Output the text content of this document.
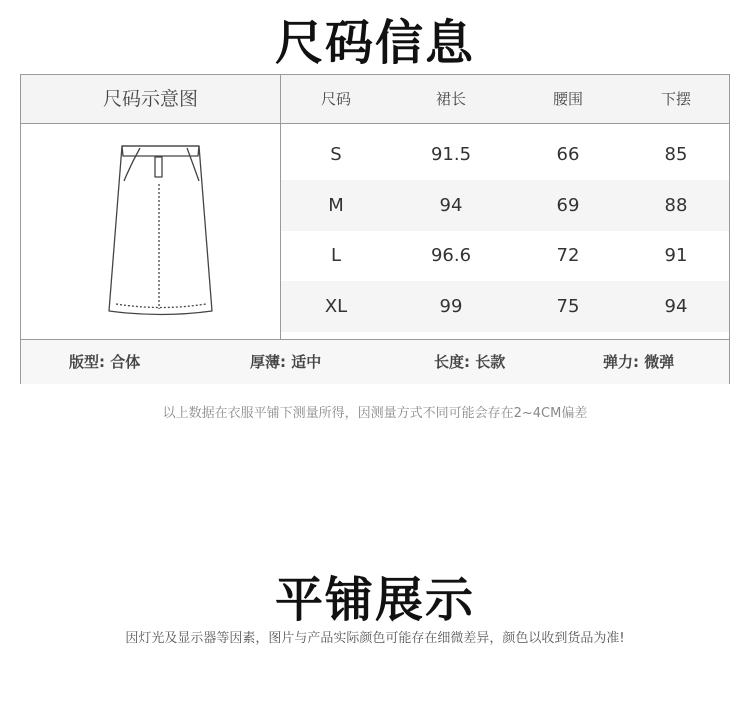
尺码信息
尺码示意图	尺码	裙长	腰围	下摆
S	91.5	66	85
M	94	69	88
L	96.6	72	91
XL	99	75	94
版型: 合体	厚薄: 适中	长度: 长款	弹力: 微弹
以上数据在衣服平铺下测量所得，因测量方式不同可能会存在2~4CM偏差
平铺展示
因灯光及显示器等因素，图片与产品实际颜色可能存在细微差异，颜色以收到货品为准!
